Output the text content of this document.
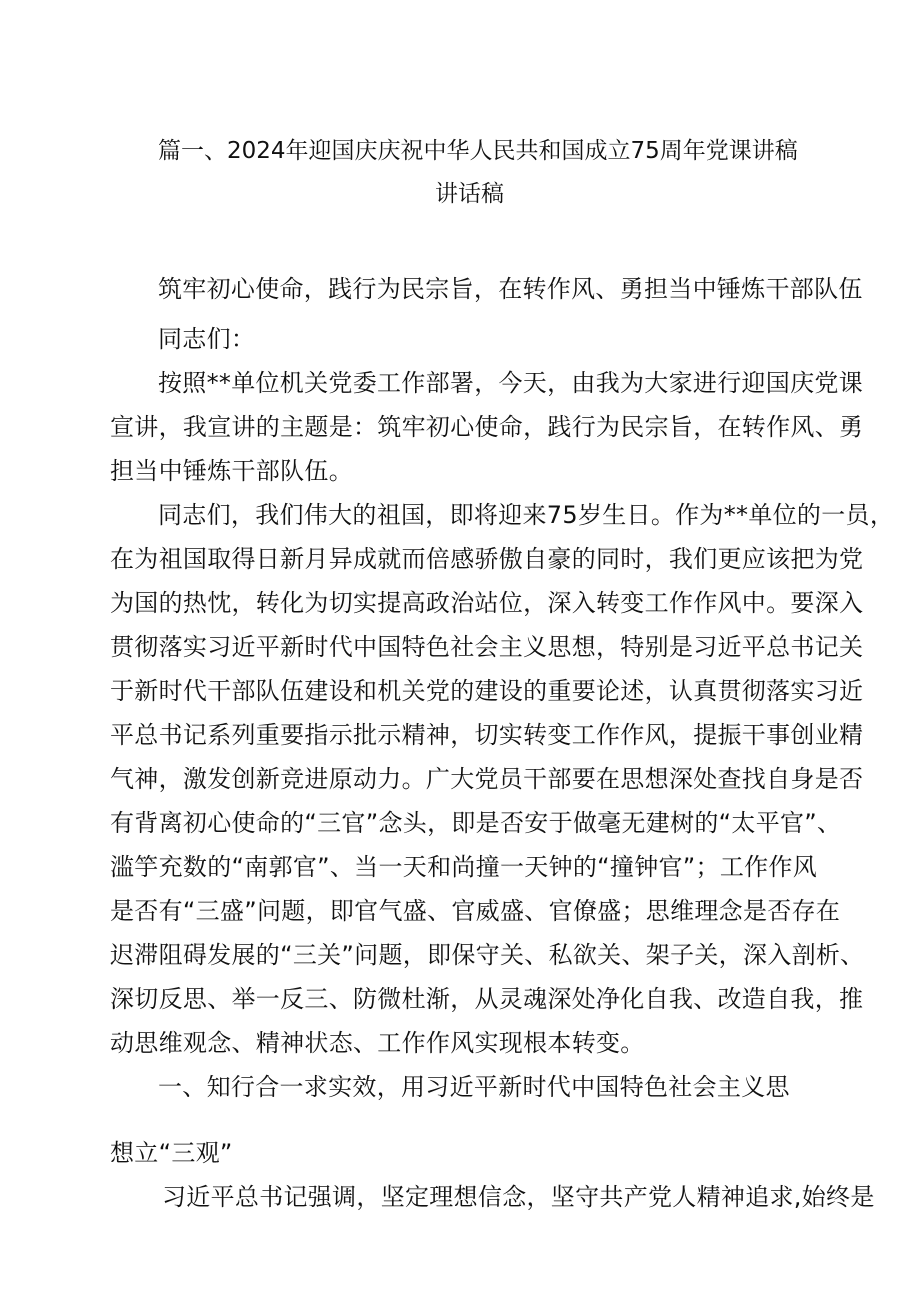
篇一、2024年迎国庆庆祝中华人民共和国成立75周年党课讲稿
讲话稿
筑牢初心使命，践行为民宗旨，在转作风、勇担当中锤炼干部队伍
同志们：
按照**单位机关党委工作部署，今天，由我为大家进行迎国庆党课
宣讲，我宣讲的主题是：筑牢初心使命，践行为民宗旨，在转作风、勇
担当中锤炼干部队伍。
同志们，我们伟大的祖国，即将迎来75岁生日。作为**单位的一员，
在为祖国取得日新月异成就而倍感骄傲自豪的同时，我们更应该把为党
为国的热忱，转化为切实提高政治站位，深入转变工作作风中。要深入
贯彻落实习近平新时代中国特色社会主义思想，特别是习近平总书记关
于新时代干部队伍建设和机关党的建设的重要论述，认真贯彻落实习近
平总书记系列重要指示批示精神，切实转变工作作风，提振干事创业精
气神，激发创新竞进原动力。广大党员干部要在思想深处查找自身是否
有背离初心使命的“三官”念头，即是否安于做毫无建树的“太平官”、
滥竽充数的“南郭官”、当一天和尚撞一天钟的“撞钟官”；工作作风
是否有“三盛”问题，即官气盛、官威盛、官僚盛；思维理念是否存在
迟滞阻碍发展的“三关”问题，即保守关、私欲关、架子关，深入剖析、
深切反思、举一反三、防微杜渐，从灵魂深处净化自我、改造自我，推
动思维观念、精神状态、工作作风实现根本转变。
一、知行合一求实效，用习近平新时代中国特色社会主义思
想立“三观”
习近平总书记强调，坚定理想信念，坚守共产党人精神追求,始终是
